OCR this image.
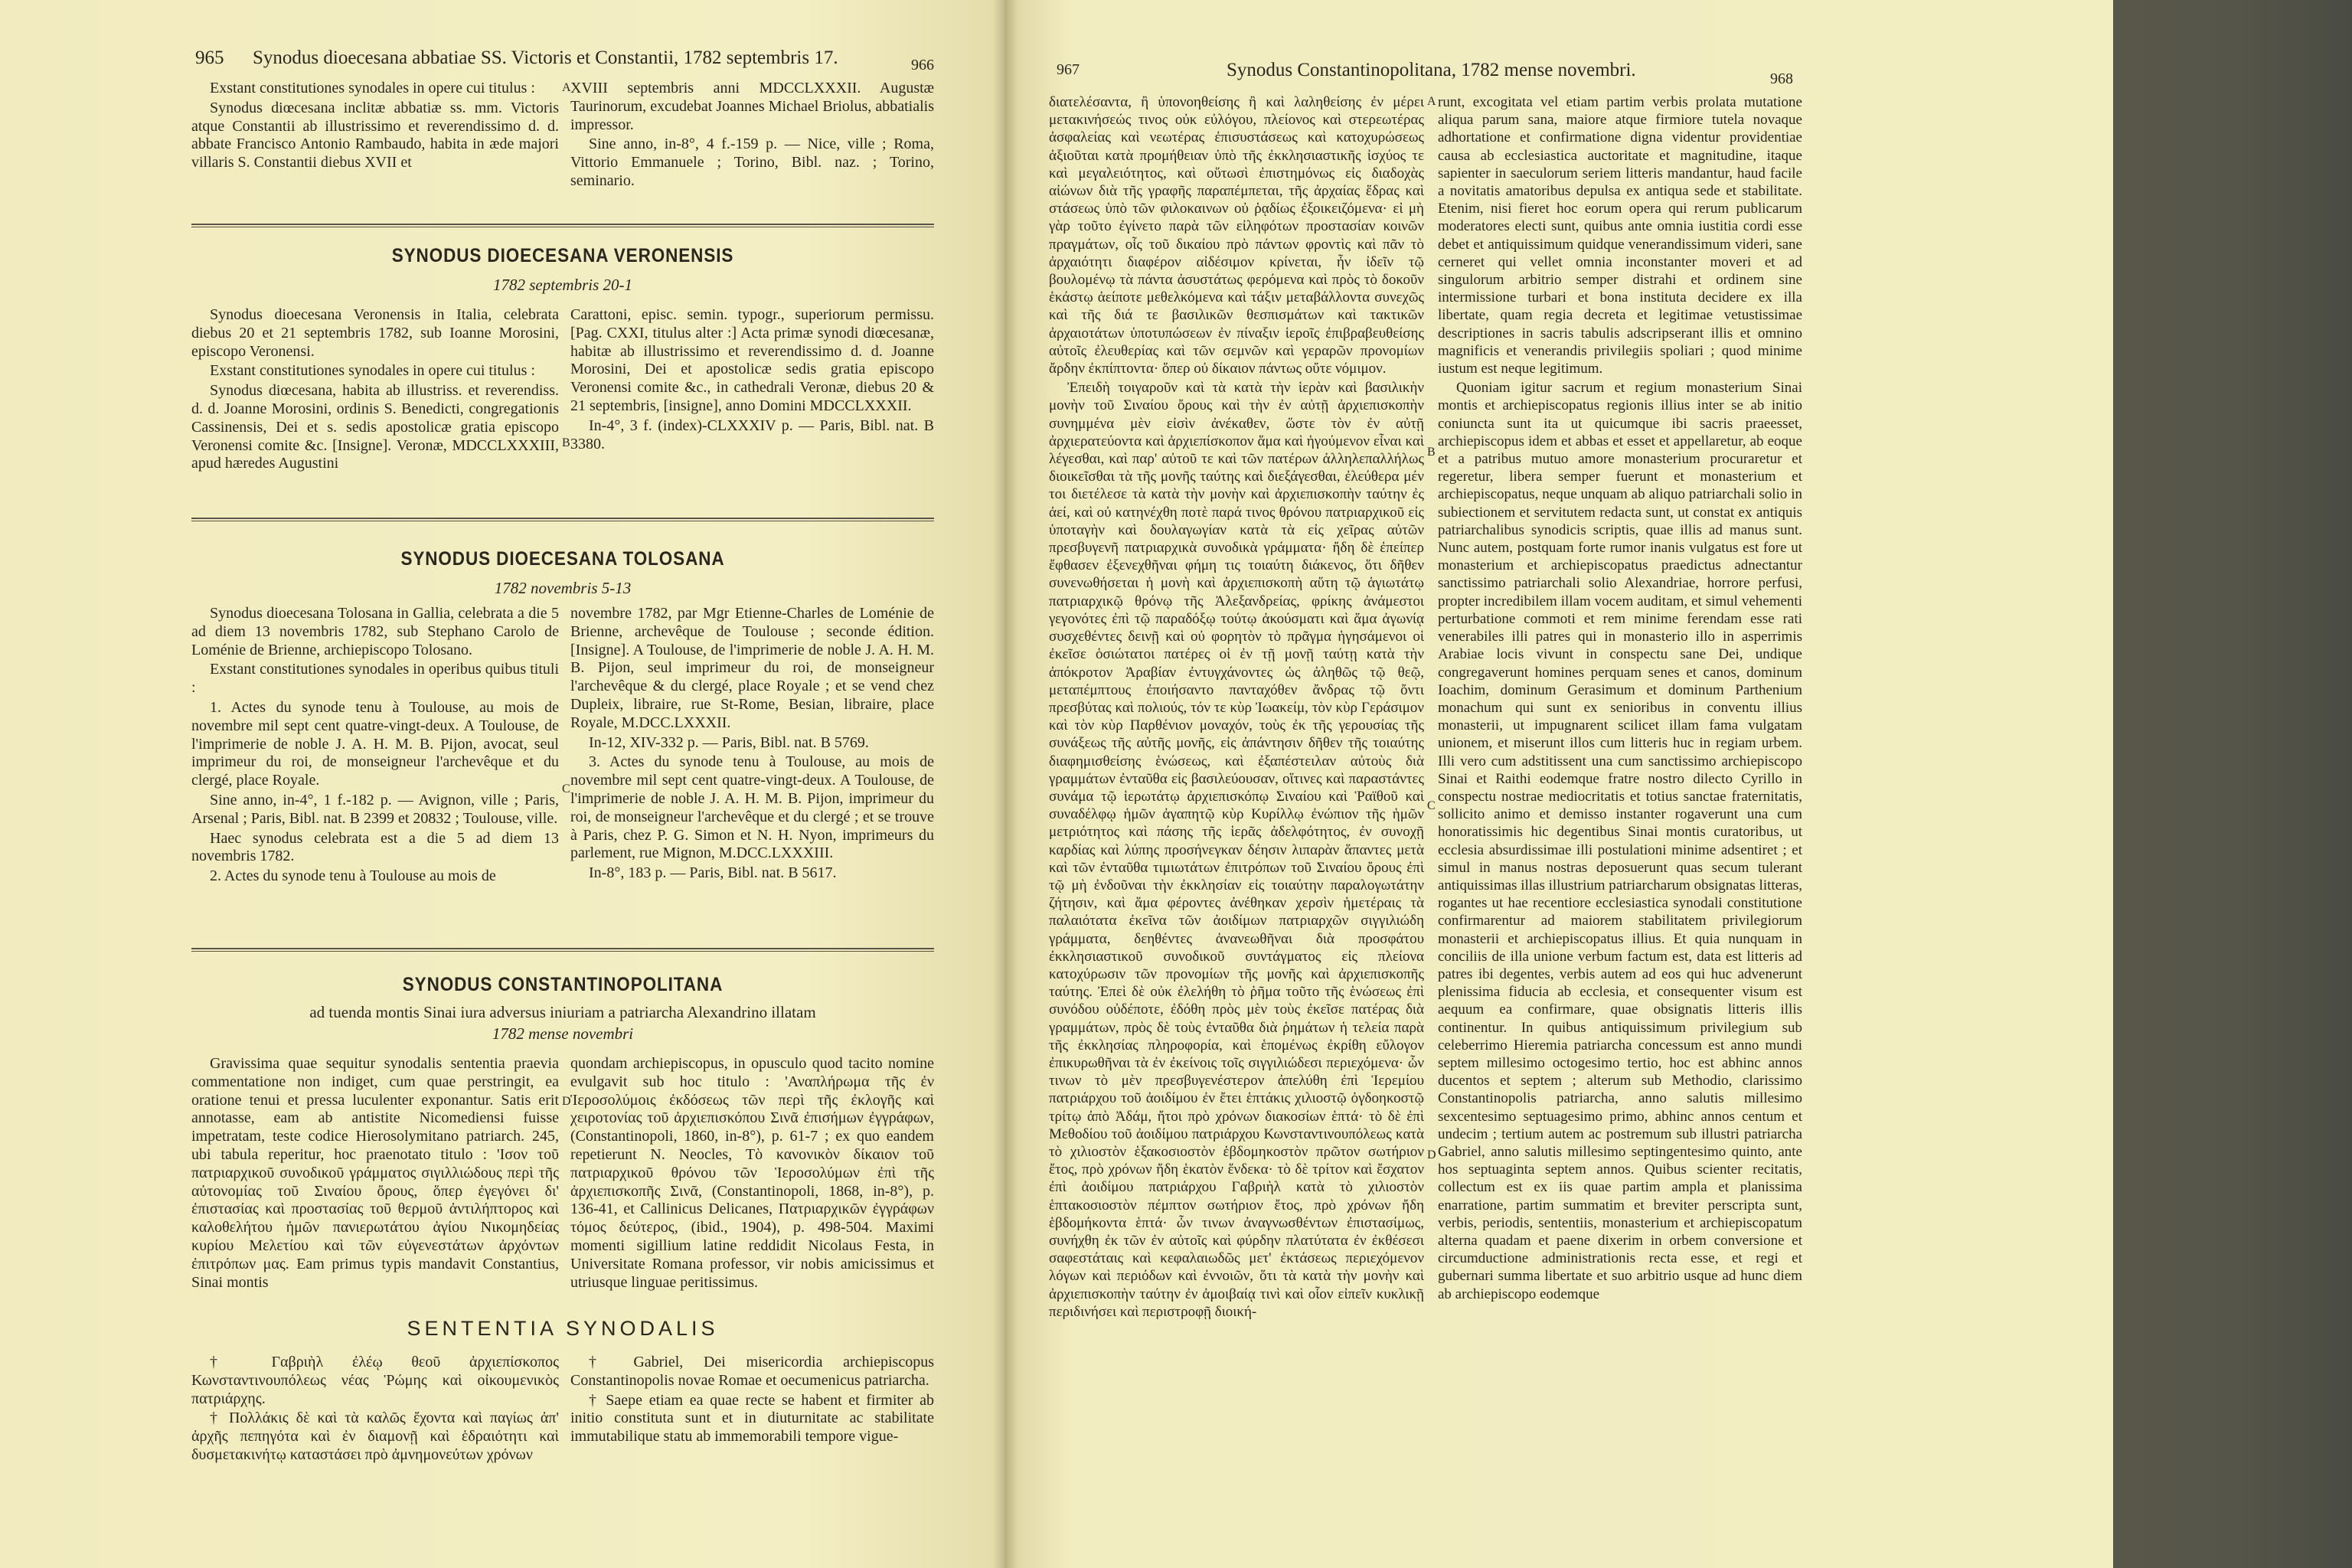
965 Synodus dioecesana abbatiae SS. Victoris et Constantii, 1782 septembris 17.	966

Exstant constitutiones synodales in opere cui titulus :

Synodus diœcesana inclitæ abbatiæ ss. mm. Victoris atque Constantii ab illustrissimo et reverendissimo d. d. abbate Francisco Antonio Rambaudo, habita in æde majori villaris S. Constantii diebus XVII et

XVIII septembris anni MDCCLXXXII. Augustæ Taurinorum, excudebat Joannes Michael Briolus, abbatialis impressor.

Sine anno, in-8°, 4 f.-159 p. — Nice, ville ; Roma, Vittorio Emmanuele ; Torino, Bibl. naz. ; Torino, seminario.

SYNODUS DIOECESANA VERONENSIS
1782 septembris 20-1

Synodus dioecesana Veronensis in Italia, celebrata diebus 20 et 21 septembris 1782, sub Ioanne Morosini, episcopo Veronensi.

Exstant constitutiones synodales in opere cui titulus :

Synodus diœcesana, habita ab illustriss. et reverendiss. d. d. Joanne Morosini, ordinis S. Benedicti, congregationis Cassinensis, Dei et s. sedis apostolicæ gratia episcopo Veronensi comite &c. [Insigne]. Veronæ, MDCCLXXXIII, apud hæredes Augustini

Carattoni, episc. semin. typogr., superiorum permissu. [Pag. CXXI, titulus alter :] Acta primæ synodi diœcesanæ, habitæ ab illustrissimo et reverendissimo d. d. Joanne Morosini, Dei et apostolicæ sedis gratia episcopo Veronensi comite &c., in cathedrali Veronæ, diebus 20 & 21 septembris, [insigne], anno Domini MDCCLXXXII.

In-4°, 3 f. (index)-CLXXXIV p. — Paris, Bibl. nat. B 3380.

SYNODUS DIOECESANA TOLOSANA
1782 novembris 5-13

Synodus dioecesana Tolosana in Gallia, celebrata a die 5 ad diem 13 novembris 1782, sub Stephano Carolo de Loménie de Brienne, archiepiscopo Tolosano.

Exstant constitutiones synodales in operibus quibus tituli :

1. Actes du synode tenu à Toulouse, au mois de novembre mil sept cent quatre-vingt-deux. A Toulouse, de l'imprimerie de noble J. A. H. M. B. Pijon, avocat, seul imprimeur du roi, de monseigneur l'archevêque et du clergé, place Royale.

Sine anno, in-4°, 1 f.-182 p. — Avignon, ville ; Paris, Arsenal ; Paris, Bibl. nat. B 2399 et 20832 ; Toulouse, ville.

Haec synodus celebrata est a die 5 ad diem 13 novembris 1782.

2. Actes du synode tenu à Toulouse au mois de

novembre 1782, par Mgr Etienne-Charles de Loménie de Brienne, archevêque de Toulouse ; seconde édition. [Insigne]. A Toulouse, de l'imprimerie de noble J. A. H. M. B. Pijon, seul imprimeur du roi, de monseigneur l'archevêque & du clergé, place Royale ; et se vend chez Dupleix, libraire, rue St-Rome, Besian, libraire, place Royale, M.DCC.LXXXII.

In-12, XIV-332 p. — Paris, Bibl. nat. B 5769.

3. Actes du synode tenu à Toulouse, au mois de novembre mil sept cent quatre-vingt-deux. A Toulouse, de l'imprimerie de noble J. A. H. M. B. Pijon, imprimeur du roi, de monseigneur l'archevêque et du clergé ; et se trouve à Paris, chez P. G. Simon et N. H. Nyon, imprimeurs du parlement, rue Mignon, M.DCC.LXXXIII.

In-8°, 183 p. — Paris, Bibl. nat. B 5617.

SYNODUS CONSTANTINOPOLITANA
ad tuenda montis Sinai iura adversus iniuriam a patriarcha Alexandrino illatam
1782 mense novembri

Gravissima quae sequitur synodalis sententia praevia commentatione non indiget, cum quae perstringit, ea oratione tenui et pressa luculenter exponantur. Satis erit annotasse, eam ab antistite Nicomediensi fuisse impetratam, teste codice Hierosolymitano patriarch. 245, ubi tabula reperitur, hoc praenotato titulo : 'Ισον τοῦ πατριαρχικοῦ συνοδικοῦ γράμματος σιγιλλιώδους περὶ τῆς αὐτονομίας τοῦ Σιναίου ὄρους, ὅπερ ἐγεγόνει δι' ἐπιστασίας καὶ προστασίας τοῦ θερμοῦ ἀντιλήπτορος καὶ καλοθελήτου ἡμῶν πανιερωτάτου ἁγίου Νικομηδείας κυρίου Μελετίου καὶ τῶν εὐγενεστάτων ἀρχόντων ἐπιτρόπων μας. Eam primus typis mandavit Constantius, Sinai montis

quondam archiepiscopus, in opusculo quod tacito nomine evulgavit sub hoc titulo : 'Αναπλήρωμα τῆς ἐν Ἱεροσολύμοις ἐκδόσεως τῶν περὶ τῆς ἐκλογῆς καὶ χειροτονίας τοῦ ἀρχιεπισκόπου Σινᾶ ἐπισήμων ἐγγράφων, (Constantinopoli, 1860, in-8°), p. 61-7 ; ex quo eandem repetierunt N. Neocles, Τὸ κανονικὸν δίκαιον τοῦ πατριαρχικοῦ θρόνου τῶν Ἱεροσολύμων ἐπὶ τῆς ἀρχιεπισκοπῆς Σινᾶ, (Constantinopoli, 1868, in-8°), p. 136-41, et Callinicus Delicanes, Πατριαρχικῶν ἐγγράφων τόμος δεύτερος, (ibid., 1904), p. 498-504. Maximi momenti sigillium latine reddidit Nicolaus Festa, in Universitate Romana professor, vir nobis amicissimus et utriusque linguae peritissimus.

SENTENTIA SYNODALIS

† Γαβριὴλ ἐλέῳ θεοῦ ἀρχιεπίσκοπος Κωνσταντινουπόλεως νέας Ῥώμης καὶ οἰκουμενικὸς πατριάρχης.

† Πολλάκις δὲ καὶ τὰ καλῶς ἔχοντα καὶ παγίως ἀπ' ἀρχῆς πεπηγότα καὶ ἐν διαμονῇ καὶ ἑδραιότητι καὶ δυσμετακινήτῳ καταστάσει πρὸ ἀμνημονεύτων χρόνων

† Gabriel, Dei misericordia archiepiscopus Constantinopolis novae Romae et oecumenicus patriarcha.

† Saepe etiam ea quae recte se habent et firmiter ab initio constituta sunt et in diuturnitate ac stabilitate immutabilique statu ab immemorabili tempore vigue-

A
B
C
D
967	Synodus Constantinopolitana, 1782 mense novembri.	968

διατελέσαντα, ἢ ὑπονοηθείσης ἢ καὶ λαληθείσης ἐν μέρει μετακινήσεώς τινος οὐκ εὐλόγου, πλείονος καὶ στερεωτέρας ἀσφαλείας καὶ νεωτέρας ἐπισυστάσεως καὶ κατοχυρώσεως ἀξιοῦται κατὰ προμήθειαν ὑπὸ τῆς ἐκκλησιαστικῆς ἰσχύος τε καὶ μεγαλειότητος, καὶ οὕτωσὶ ἐπιστημόνως εἰς διαδοχὰς αἰώνων διὰ τῆς γραφῆς παραπέμπεται, τῆς ἀρχαίας ἕδρας καὶ στάσεως ὑπὸ τῶν φιλοκαινων οὐ ῥᾳδίως ἐξοικειζόμενα· εἰ μὴ γὰρ τοῦτο ἐγίνετο παρὰ τῶν εἰληφότων προστασίαν κοινῶν πραγμάτων, οἷς τοῦ δικαίου πρὸ πάντων φροντὶς καὶ πᾶν τὸ ἀρχαιότητι διαφέρον αἰδέσιμον κρίνεται, ἦν ἰδεῖν τῷ βουλομένῳ τὰ πάντα ἀσυστάτως φερόμενα καὶ πρὸς τὸ δοκοῦν ἑκάστῳ ἀείποτε μεθελκόμενα καὶ τάξιν μεταβάλλοντα συνεχῶς καὶ τῆς διά τε βασιλικῶν θεσπισμάτων καὶ τακτικῶν ἀρχαιοτάτων ὑποτυπώσεων ἐν πίναξιν ἱεροῖς ἐπιβραβευθείσης αὐτοῖς ἐλευθερίας καὶ τῶν σεμνῶν καὶ γεραρῶν προνομίων ἄρδην ἐκπίπτοντα· ὅπερ οὐ δίκαιον πάντως οὔτε νόμιμον.

Ἐπειδὴ τοιγαροῦν καὶ τὰ κατὰ τὴν ἱερὰν καὶ βασιλικὴν μονὴν τοῦ Σιναίου ὄρους καὶ τὴν ἐν αὐτῇ ἀρχιεπισκοπὴν συνημμένα μὲν εἰσὶν ἀνέκαθεν, ὥστε τὸν ἐν αὐτῇ ἀρχιερατεύοντα καὶ ἀρχιεπίσκοπον ἅμα καὶ ἡγούμενον εἶναι καὶ λέγεσθαι, καὶ παρ' αὐτοῦ τε καὶ τῶν πατέρων ἀλληλεπαλλήλως διοικεῖσθαι τὰ τῆς μονῆς ταύτης καὶ διεξάγεσθαι, ἐλεύθερα μέν τοι διετέλεσε τὰ κατὰ τὴν μονὴν καὶ ἀρχιεπισκοπὴν ταύτην ἐς ἀεί, καὶ οὐ κατηνέχθη ποτὲ παρά τινος θρόνου πατριαρχικοῦ εἰς ὑποταγὴν καὶ δουλαγωγίαν κατὰ τὰ εἰς χεῖρας αὐτῶν πρεσβυγενῆ πατριαρχικὰ συνοδικὰ γράμματα· ἤδη δὲ ἐπείπερ ἔφθασεν ἐξενεχθῆναι φήμη τις τοιαύτη διάκενος, ὅτι δῆθεν συνενωθήσεται ἡ μονὴ καὶ ἀρχιεπισκοπὴ αὕτη τῷ ἁγιωτάτῳ πατριαρχικῷ θρόνῳ τῆς Ἀλεξανδρείας, φρίκης ἀνάμεστοι γεγονότες ἐπὶ τῷ παραδόξῳ τούτῳ ἀκούσματι καὶ ἅμα ἀγωνίᾳ συσχεθέντες δεινῇ καὶ οὐ φορητὸν τὸ πρᾶγμα ἡγησάμενοι οἱ ἐκεῖσε ὁσιώτατοι πατέρες οἱ ἐν τῇ μονῇ ταύτῃ κατὰ τὴν ἀπόκροτον Ἀραβίαν ἐντυγχάνοντες ὡς ἀληθῶς τῷ θεῷ, μεταπέμπτους ἐποιήσαντο πανταχόθεν ἄνδρας τῷ ὄντι πρεσβύτας καὶ πολιούς, τόν τε κὺρ Ἰωακείμ, τὸν κὺρ Γεράσιμον καὶ τὸν κὺρ Παρθένιον μοναχόν, τοὺς ἐκ τῆς γερουσίας τῆς συνάξεως τῆς αὐτῆς μονῆς, εἰς ἀπάντησιν δῆθεν τῆς τοιαύτης διαφημισθείσης ἑνώσεως, καὶ ἐξαπέστειλαν αὐτοὺς διὰ γραμμάτων ἐνταῦθα εἰς βασιλεύουσαν, οἵτινες καὶ παραστάντες συνάμα τῷ ἱερωτάτῳ ἀρχιεπισκόπῳ Σιναίου καὶ Ῥαϊθοῦ καὶ συναδέλφῳ ἡμῶν ἀγαπητῷ κὺρ Κυρίλλῳ ἐνώπιον τῆς ἡμῶν μετριότητος καὶ πάσης τῆς ἱερᾶς ἀδελφότητος, ἐν συνοχῇ καρδίας καὶ λύπης προσήνεγκαν δέησιν λιπαρὰν ἅπαντες μετὰ καὶ τῶν ἐνταῦθα τιμιωτάτων ἐπιτρόπων τοῦ Σιναίου ὄρους ἐπὶ τῷ μὴ ἐνδοῦναι τὴν ἐκκλησίαν εἰς τοιαύτην παραλογωτάτην ζήτησιν, καὶ ἅμα φέροντες ἀνέθηκαν χερσὶν ἡμετέραις τὰ παλαιότατα ἐκεῖνα τῶν ἀοιδίμων πατριαρχῶν σιγγιλιώδη γράμματα, δεηθέντες ἀνανεωθῆναι διὰ προσφάτου ἐκκλησιαστικοῦ συνοδικοῦ συντάγματος εἰς πλείονα κατοχύρωσιν τῶν προνομίων τῆς μονῆς καὶ ἀρχιεπισκοπῆς ταύτης. Ἐπεὶ δὲ οὐκ ἐλελήθη τὸ ῥῆμα τοῦτο τῆς ἑνώσεως ἐπὶ συνόδου οὐδέποτε, ἐδόθη πρὸς μὲν τοὺς ἐκεῖσε πατέρας διὰ γραμμάτων, πρὸς δὲ τοὺς ἐνταῦθα διὰ ῥημάτων ἡ τελεία παρὰ τῆς ἐκκλησίας πληροφορία, καὶ ἑπομένως ἐκρίθη εὔλογον ἐπικυρωθῆναι τὰ ἐν ἐκείνοις τοῖς σιγγιλιώδεσι περιεχόμενα· ὧν τινων τὸ μὲν πρεσβυγενέστερον ἀπελύθη ἐπὶ Ἱερεμίου πατριάρχου τοῦ ἀοιδίμου ἐν ἔτει ἑπτάκις χιλιοστῷ ὀγδοηκοστῷ τρίτῳ ἀπὸ Ἀδάμ, ἤτοι πρὸ χρόνων διακοσίων ἑπτά· τὸ δὲ ἐπὶ Μεθοδίου τοῦ ἀοιδίμου πατριάρχου Κωνσταντινουπόλεως κατὰ τὸ χιλιοστὸν ἑξακοσιοστὸν ἑβδομηκοστὸν πρῶτον σωτήριον ἔτος, πρὸ χρόνων ἤδη ἑκατὸν ἕνδεκα· τὸ δὲ τρίτον καὶ ἔσχατον ἐπὶ ἀοιδίμου πατριάρχου Γαβριὴλ κατὰ τὸ χιλιοστὸν ἑπτακοσιοστὸν πέμπτον σωτήριον ἔτος, πρὸ χρόνων ἤδη ἑβδομήκοντα ἑπτά· ὧν τινων ἀναγνωσθέντων ἐπιστασίμως, συνήχθη ἐκ τῶν ἐν αὐτοῖς καὶ φύρδην πλατύτατα ἐν ἐκθέσεσι σαφεστάταις καὶ κεφαλαιωδῶς μετ' ἐκτάσεως περιεχόμενον λόγων καὶ περιόδων καὶ ἐννοιῶν, ὅτι τὰ κατὰ τὴν μονὴν καὶ ἀρχιεπισκοπὴν ταύτην ἐν ἀμοιβαίᾳ τινὶ καὶ οἷον εἰπεῖν κυκλικῇ περιδινήσει καὶ περιστροφῇ διοική-

runt, excogitata vel etiam partim verbis prolata mutatione aliqua parum sana, maiore atque firmiore tutela novaque adhortatione et confirmatione digna videntur providentiae causa ab ecclesiastica auctoritate et magnitudine, itaque sapienter in saeculorum seriem litteris mandantur, haud facile a novitatis amatoribus depulsa ex antiqua sede et stabilitate. Etenim, nisi fieret hoc eorum opera qui rerum publicarum moderatores electi sunt, quibus ante omnia iustitia cordi esse debet et antiquissimum quidque venerandissimum videri, sane cerneret qui vellet omnia inconstanter moveri et ad singulorum arbitrio semper distrahi et ordinem sine intermissione turbari et bona instituta decidere ex illa libertate, quam regia decreta et legitimae vetustissimae descriptiones in sacris tabulis adscripserant illis et omnino magnificis et venerandis privilegiis spoliari ; quod minime iustum est neque legitimum.

Quoniam igitur sacrum et regium monasterium Sinai montis et archiepiscopatus regionis illius inter se ab initio coniuncta sunt ita ut quicumque ibi sacris praeesset, archiepiscopus idem et abbas et esset et appellaretur, ab eoque et a patribus mutuo amore monasterium procuraretur et regeretur, libera semper fuerunt et monasterium et archiepiscopatus, neque unquam ab aliquo patriarchali solio in subiectionem et servitutem redacta sunt, ut constat ex antiquis patriarchalibus synodicis scriptis, quae illis ad manus sunt. Nunc autem, postquam forte rumor inanis vulgatus est fore ut monasterium et archiepiscopatus praedictus adnectantur sanctissimo patriarchali solio Alexandriae, horrore perfusi, propter incredibilem illam vocem auditam, et simul vehementi perturbatione commoti et rem minime ferendam esse rati venerabiles illi patres qui in monasterio illo in asperrimis Arabiae locis vivunt in conspectu sane Dei, undique congregaverunt homines perquam senes et canos, dominum Ioachim, dominum Gerasimum et dominum Parthenium monachum qui sunt ex senioribus in conventu illius monasterii, ut impugnarent scilicet illam fama vulgatam unionem, et miserunt illos cum litteris huc in regiam urbem. Illi vero cum adstitissent una cum sanctissimo archiepiscopo Sinai et Raithi eodemque fratre nostro dilecto Cyrillo in conspectu nostrae mediocritatis et totius sanctae fraternitatis, sollicito animo et demisso instanter rogaverunt una cum honoratissimis hic degentibus Sinai montis curatoribus, ut ecclesia absurdissimae illi postulationi minime adsentiret ; et simul in manus nostras deposuerunt quas secum tulerant antiquissimas illas illustrium patriarcharum obsignatas litteras, rogantes ut hae recentiore ecclesiastica synodali constitutione confirmarentur ad maiorem stabilitatem privilegiorum monasterii et archiepiscopatus illius. Et quia nunquam in conciliis de illa unione verbum factum est, data est litteris ad patres ibi degentes, verbis autem ad eos qui huc advenerunt plenissima fiducia ab ecclesia, et consequenter visum est aequum ea confirmare, quae obsignatis litteris illis continentur. In quibus antiquissimum privilegium sub celeberrimo Hieremia patriarcha concessum est anno mundi septem millesimo octogesimo tertio, hoc est abhinc annos ducentos et septem ; alterum sub Methodio, clarissimo Constantinopolis patriarcha, anno salutis millesimo sexcentesimo septuagesimo primo, abhinc annos centum et undecim ; tertium autem ac postremum sub illustri patriarcha Gabriel, anno salutis millesimo septingentesimo quinto, ante hos septuaginta septem annos. Quibus scienter recitatis, collectum est ex iis quae partim ampla et planissima enarratione, partim summatim et breviter perscripta sunt, verbis, periodis, sententiis, monasterium et archiepiscopatum alterna quadam et paene dixerim in orbem conversione et circumductione administrationis recta esse, et regi et gubernari summa libertate et suo arbitrio usque ad hunc diem ab archiepiscopo eodemque

A
B
C
D
